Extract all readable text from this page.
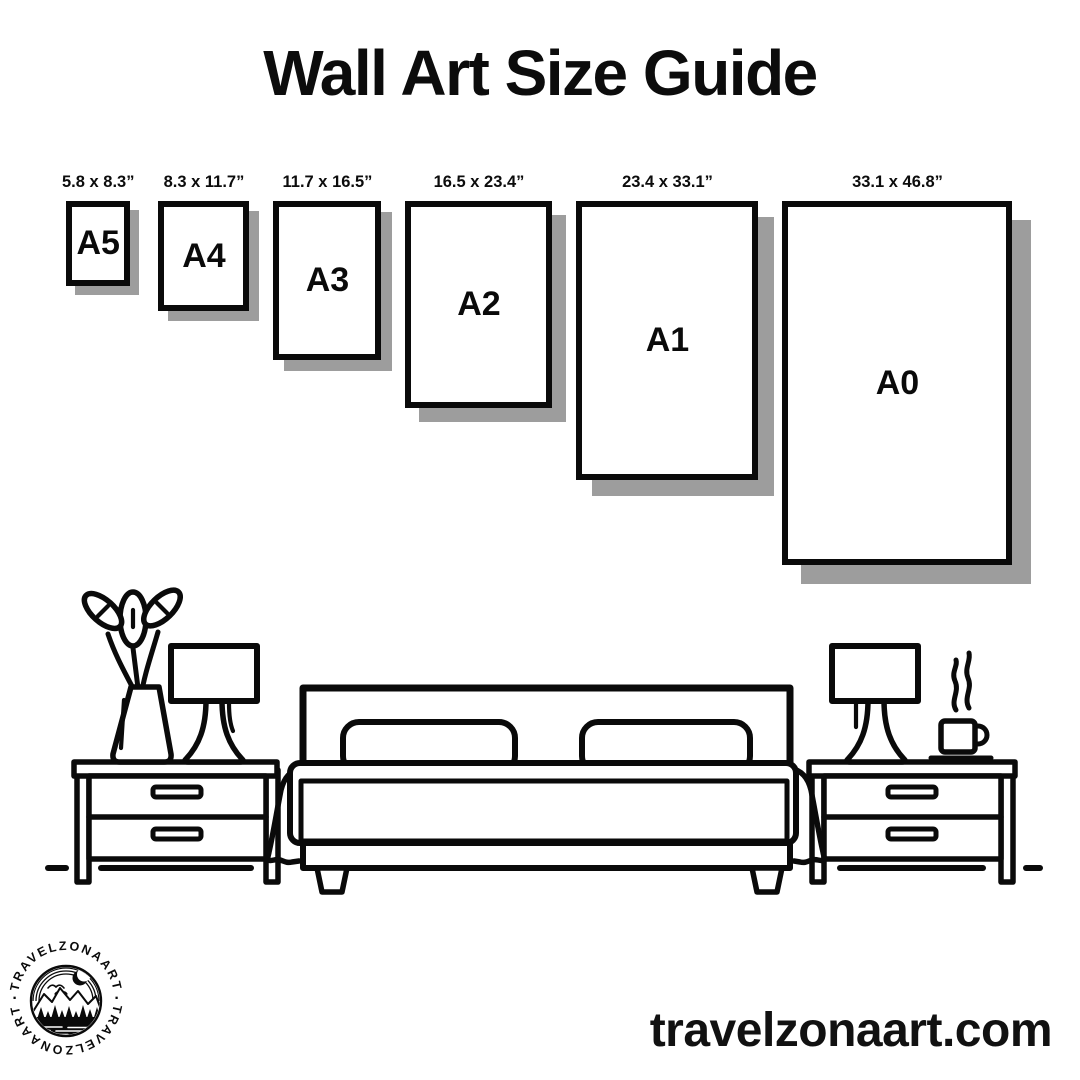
Wall Art Size Guide
5.8 x 8.3”
A5
8.3 x 11.7”
A4
11.7 x 16.5”
A3
16.5 x 23.4”
A2
23.4 x 33.1”
A1
33.1 x 46.8”
A0
TRAVELZONAART
TRAVELZONAART
·	·

travelzonaart.com
